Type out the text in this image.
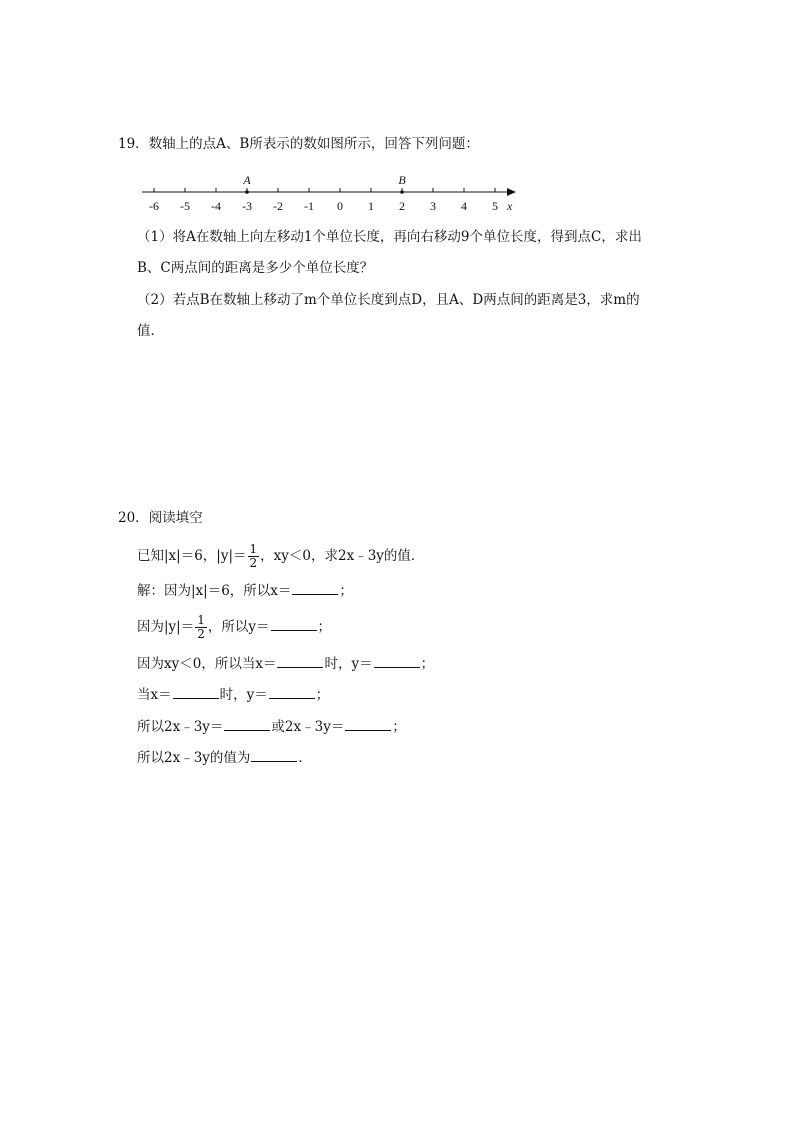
19．数轴上的点A、B所表示的数如图所示，回答下列问题：
-6 -5 -4 -3 -2 -1 0 1 2 3 4 5
A	B
x
（1）将A在数轴上向左移动1个单位长度，再向右移动9个单位长度，得到点C，求出
B、C两点间的距离是多少个单位长度？
（2）若点B在数轴上移动了m个单位长度到点D，且A、D两点间的距离是3，求m的
值．
20．阅读填空
已知|x|＝6，$|y|= \frac{1}{2}$ ，xy＜0，求2x﹣3y的值．
解：因为|x|＝6，所以x＝	；
因为$|y|= \frac{1}{2}$ ，所以y＝	；
因为xy＜0，所以当x＝	时，y＝	；
当x＝	时，y＝	；
所以2x﹣3y＝	或2x﹣3y＝	；
所以2x﹣3y的值为	．
